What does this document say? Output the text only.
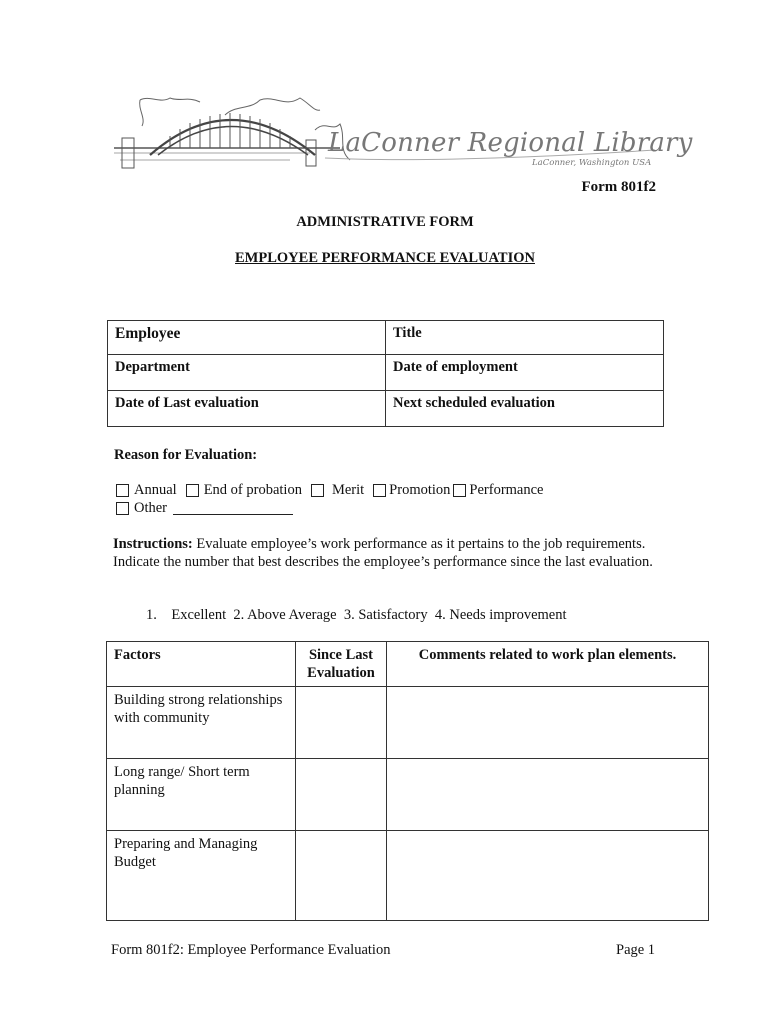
LaConner Regional Library
LaConner, Washington USA
Form 801f2
ADMINISTRATIVE FORM
EMPLOYEE PERFORMANCE EVALUATION
Employee	Title
Department	Date of employment
Date of Last evaluation	Next scheduled evaluation
Reason for Evaluation:
Annual End of probation Merit Promotion Performance
Other
Instructions: Evaluate employee’s work performance as it pertains to the job requirements. Indicate the number that best describes the employee’s performance since the last evaluation.
1. Excellent  2. Above Average  3. Satisfactory  4. Needs improvement
Factors	Since Last Evaluation	Comments related to work plan elements.
Building strong relationships with community		
Long range/ Short term planning		
Preparing and Managing Budget		
Form 801f2: Employee Performance Evaluation	Page 1
